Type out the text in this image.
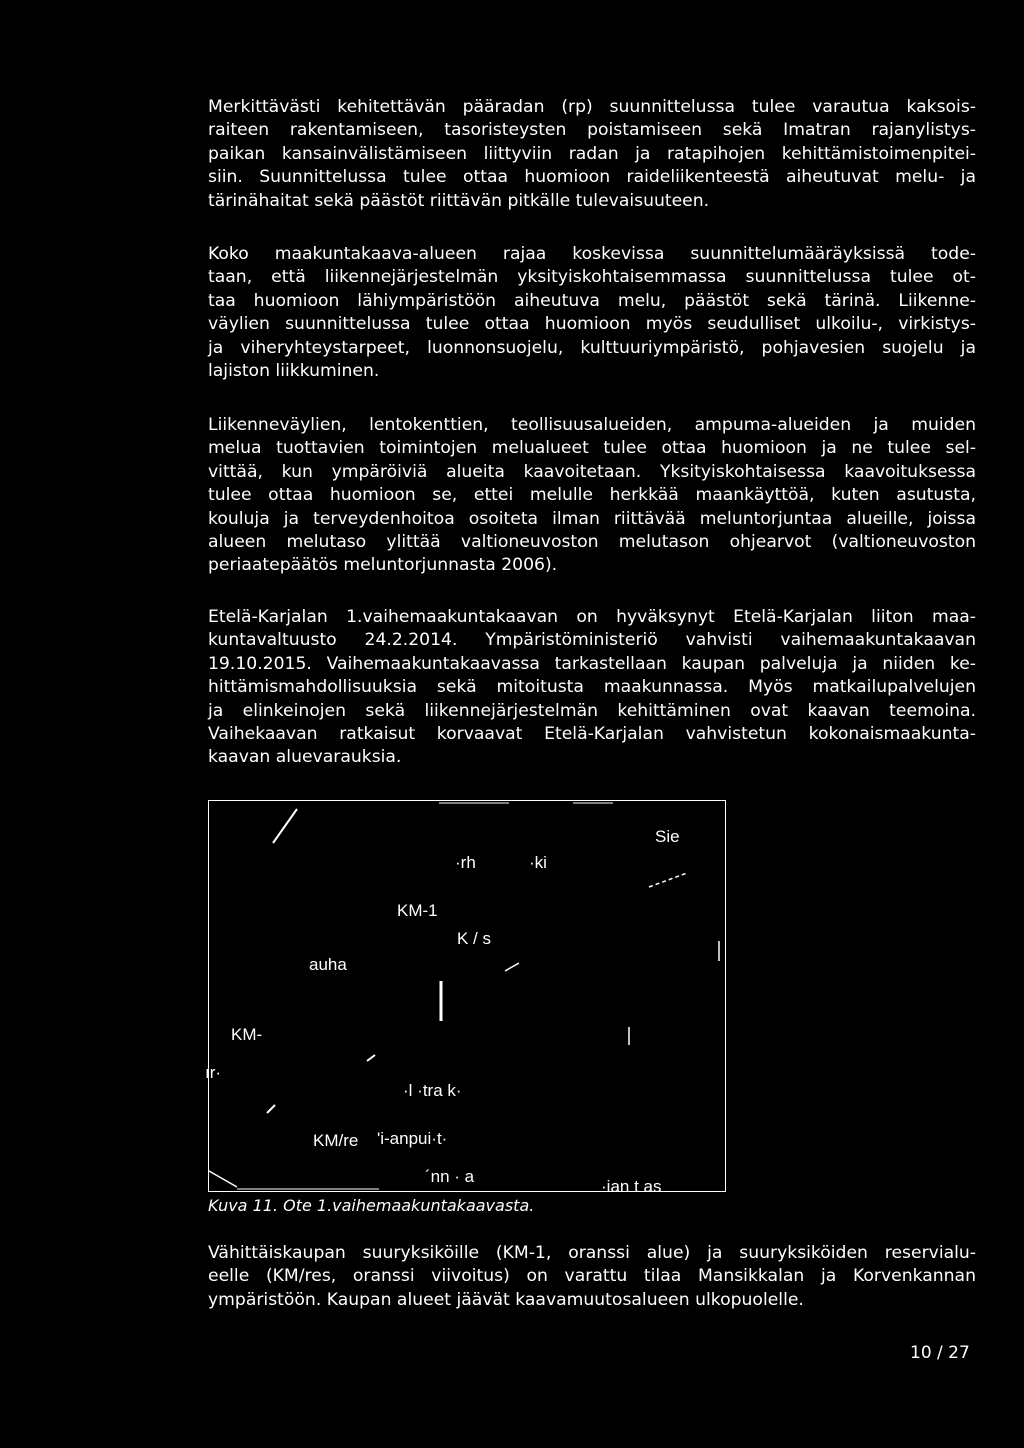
Merkittävästi kehitettävän pääradan (rp) suunnittelussa tulee varautua kaksois-
raiteen rakentamiseen, tasoristeysten poistamiseen sekä Imatran rajanylistys-
paikan kansainvälistämiseen liittyviin radan ja ratapihojen kehittämistoimenpitei-
siin. Suunnittelussa tulee ottaa huomioon raideliikenteestä aiheutuvat melu- ja
tärinähaitat sekä päästöt riittävän pitkälle tulevaisuuteen.
Koko maakuntakaava-alueen rajaa koskevissa suunnittelumääräyksissä tode-
taan, että liikennejärjestelmän yksityiskohtaisemmassa suunnittelussa tulee ot-
taa huomioon lähiympäristöön aiheutuva melu, päästöt sekä tärinä. Liikenne-
väylien suunnittelussa tulee ottaa huomioon myös seudulliset ulkoilu-, virkistys-
ja viheryhteystarpeet, luonnonsuojelu, kulttuuriympäristö, pohjavesien suojelu ja
lajiston liikkuminen.
Liikenneväylien, lentokenttien, teollisuusalueiden, ampuma-alueiden ja muiden
melua tuottavien toimintojen melualueet tulee ottaa huomioon ja ne tulee sel-
vittää, kun ympäröiviä alueita kaavoitetaan. Yksityiskohtaisessa kaavoituksessa
tulee ottaa huomioon se, ettei melulle herkkää maankäyttöä, kuten asutusta,
kouluja ja terveydenhoitoa osoiteta ilman riittävää meluntorjuntaa alueille, joissa
alueen melutaso ylittää valtioneuvoston melutason ohjearvot (valtioneuvoston
periaatepäätös meluntorjunnasta 2006).
Etelä-Karjalan 1.vaihemaakuntakaavan on hyväksynyt Etelä-Karjalan liiton maa-
kuntavaltuusto 24.2.2014. Ympäristöministeriö vahvisti vaihemaakuntakaavan
19.10.2015. Vaihemaakuntakaavassa tarkastellaan kaupan palveluja ja niiden ke-
hittämismahdollisuuksia sekä mitoitusta maakunnassa. Myös matkailupalvelujen
ja elinkeinojen sekä liikennejärjestelmän kehittäminen ovat kaavan teemoina.
Vaihekaavan ratkaisut korvaavat Etelä-Karjalan vahvistetun kokonaismaakunta-
kaavan aluevarauksia.
Sie
·rh	·ki
KM-1
K / s
auha
KM-
ır·
·l ·tra k·
KM/re 'i-anpui·t·
´nn · a
·ian t as
Kuva 11. Ote 1.vaihemaakuntakaavasta.
Vähittäiskaupan suuryksiköille (KM-1, oranssi alue) ja suuryksiköiden reservialu-
eelle (KM/res, oranssi viivoitus) on varattu tilaa Mansikkalan ja Korvenkannan
ympäristöön. Kaupan alueet jäävät kaavamuutosalueen ulkopuolelle.
10 / 27
